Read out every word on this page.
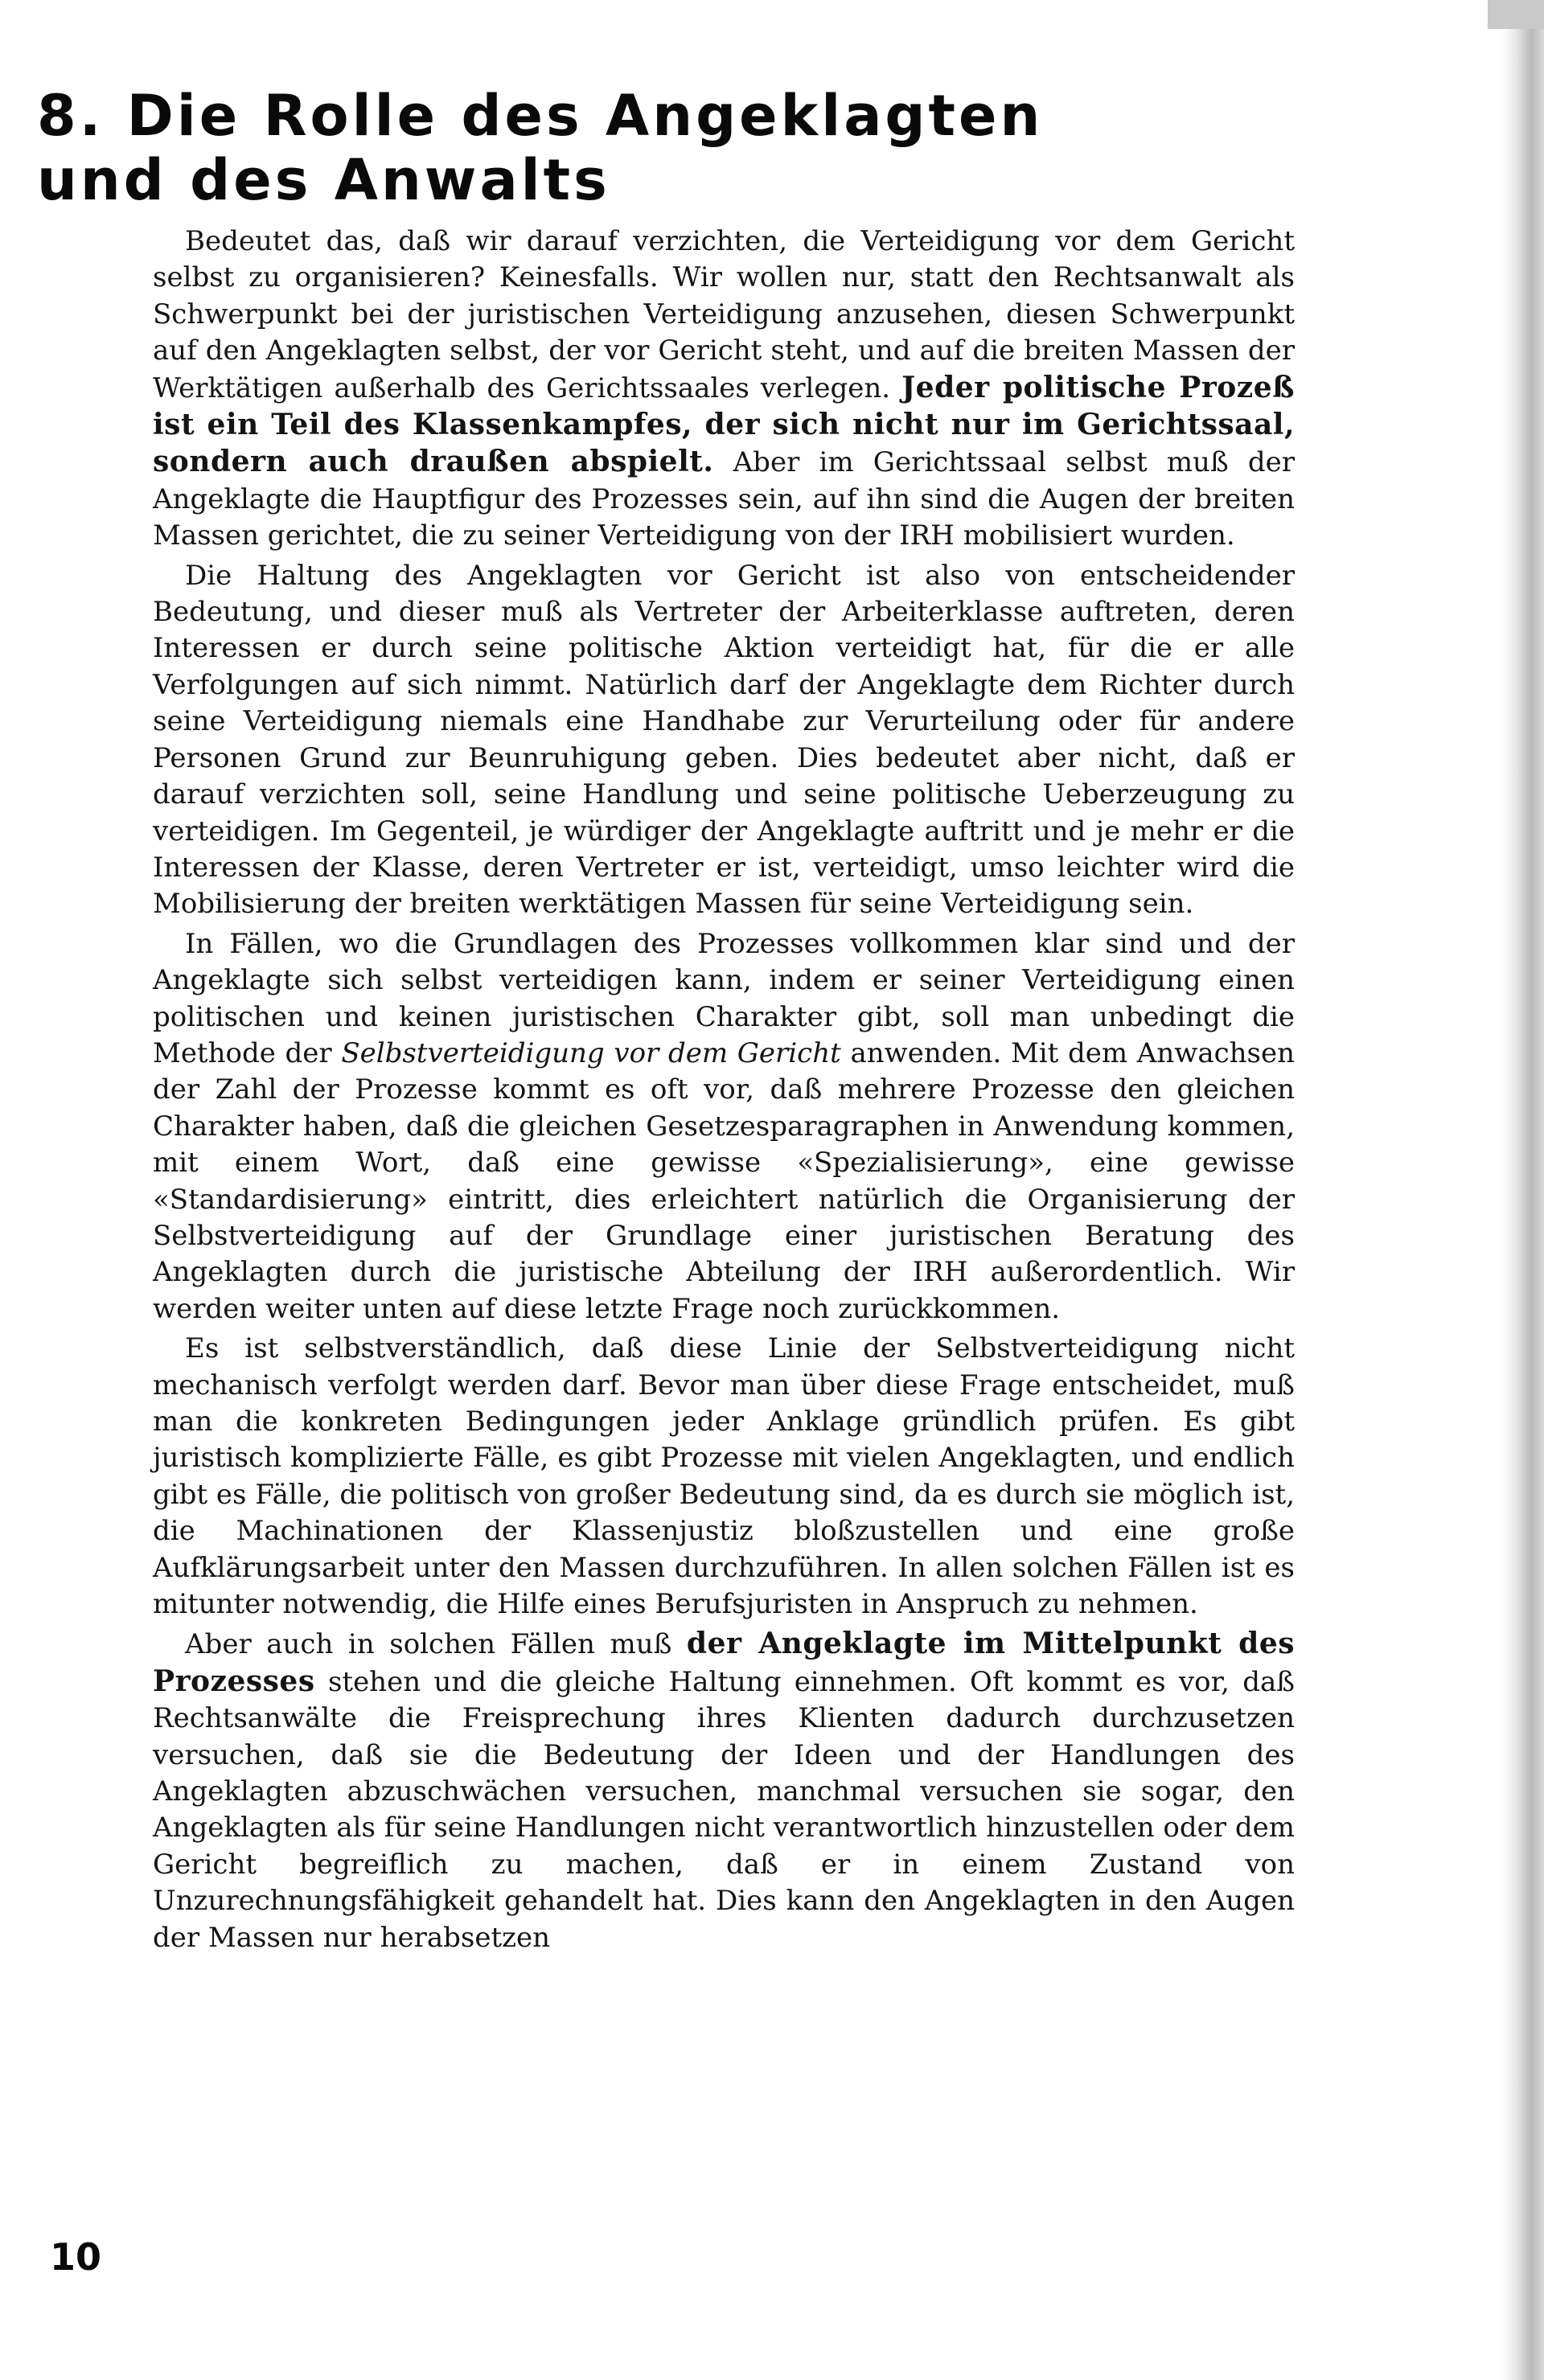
8. Die Rolle des Angeklagten
und des Anwalts

Bedeutet das, daß wir darauf verzichten, die Verteidigung vor dem Gericht selbst zu organisieren? Keinesfalls. Wir wollen nur, statt den Rechtsanwalt als Schwerpunkt bei der juristischen Verteidigung anzusehen, diesen Schwerpunkt auf den Angeklagten selbst, der vor Gericht steht, und auf die breiten Massen der Werktätigen außerhalb des Gerichtssaales verlegen. Jeder politische Prozeß ist ein Teil des Klassenkampfes, der sich nicht nur im Gerichtssaal, sondern auch draußen abspielt. Aber im Gerichtssaal selbst muß der Angeklagte die Hauptfigur des Prozesses sein, auf ihn sind die Augen der breiten Massen gerichtet, die zu seiner Verteidigung von der IRH mobilisiert wurden.

Die Haltung des Angeklagten vor Gericht ist also von entscheidender Bedeutung, und dieser muß als Vertreter der Arbeiterklasse auftreten, deren Interessen er durch seine politische Aktion verteidigt hat, für die er alle Verfolgungen auf sich nimmt. Natürlich darf der Angeklagte dem Richter durch seine Verteidigung niemals eine Handhabe zur Verurteilung oder für andere Personen Grund zur Beunruhigung geben. Dies bedeutet aber nicht, daß er darauf verzichten soll, seine Handlung und seine politische Ueberzeugung zu verteidigen. Im Gegenteil, je würdiger der Angeklagte auftritt und je mehr er die Interessen der Klasse, deren Vertreter er ist, verteidigt, umso leichter wird die Mobilisierung der breiten werktätigen Massen für seine Verteidigung sein.

In Fällen, wo die Grundlagen des Prozesses vollkommen klar sind und der Angeklagte sich selbst verteidigen kann, indem er seiner Verteidigung einen politischen und keinen juristischen Charakter gibt, soll man unbedingt die Methode der Selbstverteidigung vor dem Gericht anwenden. Mit dem Anwachsen der Zahl der Prozesse kommt es oft vor, daß mehrere Prozesse den gleichen Charakter haben, daß die gleichen Gesetzesparagraphen in Anwendung kommen, mit einem Wort, daß eine gewisse «Spezialisierung», eine gewisse «Standardisierung» eintritt, dies erleichtert natürlich die Organisierung der Selbstverteidigung auf der Grundlage einer juristischen Beratung des Angeklagten durch die juristische Abteilung der IRH außerordentlich. Wir werden weiter unten auf diese letzte Frage noch zurückkommen.

Es ist selbstverständlich, daß diese Linie der Selbstverteidigung nicht mechanisch verfolgt werden darf. Bevor man über diese Frage entscheidet, muß man die konkreten Bedingungen jeder Anklage gründlich prüfen. Es gibt juristisch komplizierte Fälle, es gibt Prozesse mit vielen Angeklagten, und endlich gibt es Fälle, die politisch von großer Bedeutung sind, da es durch sie möglich ist, die Machinationen der Klassenjustiz bloßzustellen und eine große Aufklärungsarbeit unter den Massen durchzuführen. In allen solchen Fällen ist es mitunter notwendig, die Hilfe eines Berufsjuristen in Anspruch zu nehmen.

Aber auch in solchen Fällen muß der Angeklagte im Mittelpunkt des Prozesses stehen und die gleiche Haltung einnehmen. Oft kommt es vor, daß Rechtsanwälte die Freisprechung ihres Klienten dadurch durchzusetzen versuchen, daß sie die Bedeutung der Ideen und der Handlungen des Angeklagten abzuschwächen versuchen, manchmal versuchen sie sogar, den Angeklagten als für seine Handlungen nicht verantwortlich hinzustellen oder dem Gericht begreiflich zu machen, daß er in einem Zustand von Unzurechnungsfähigkeit gehandelt hat. Dies kann den Angeklagten in den Augen der Massen nur herabsetzen

10
